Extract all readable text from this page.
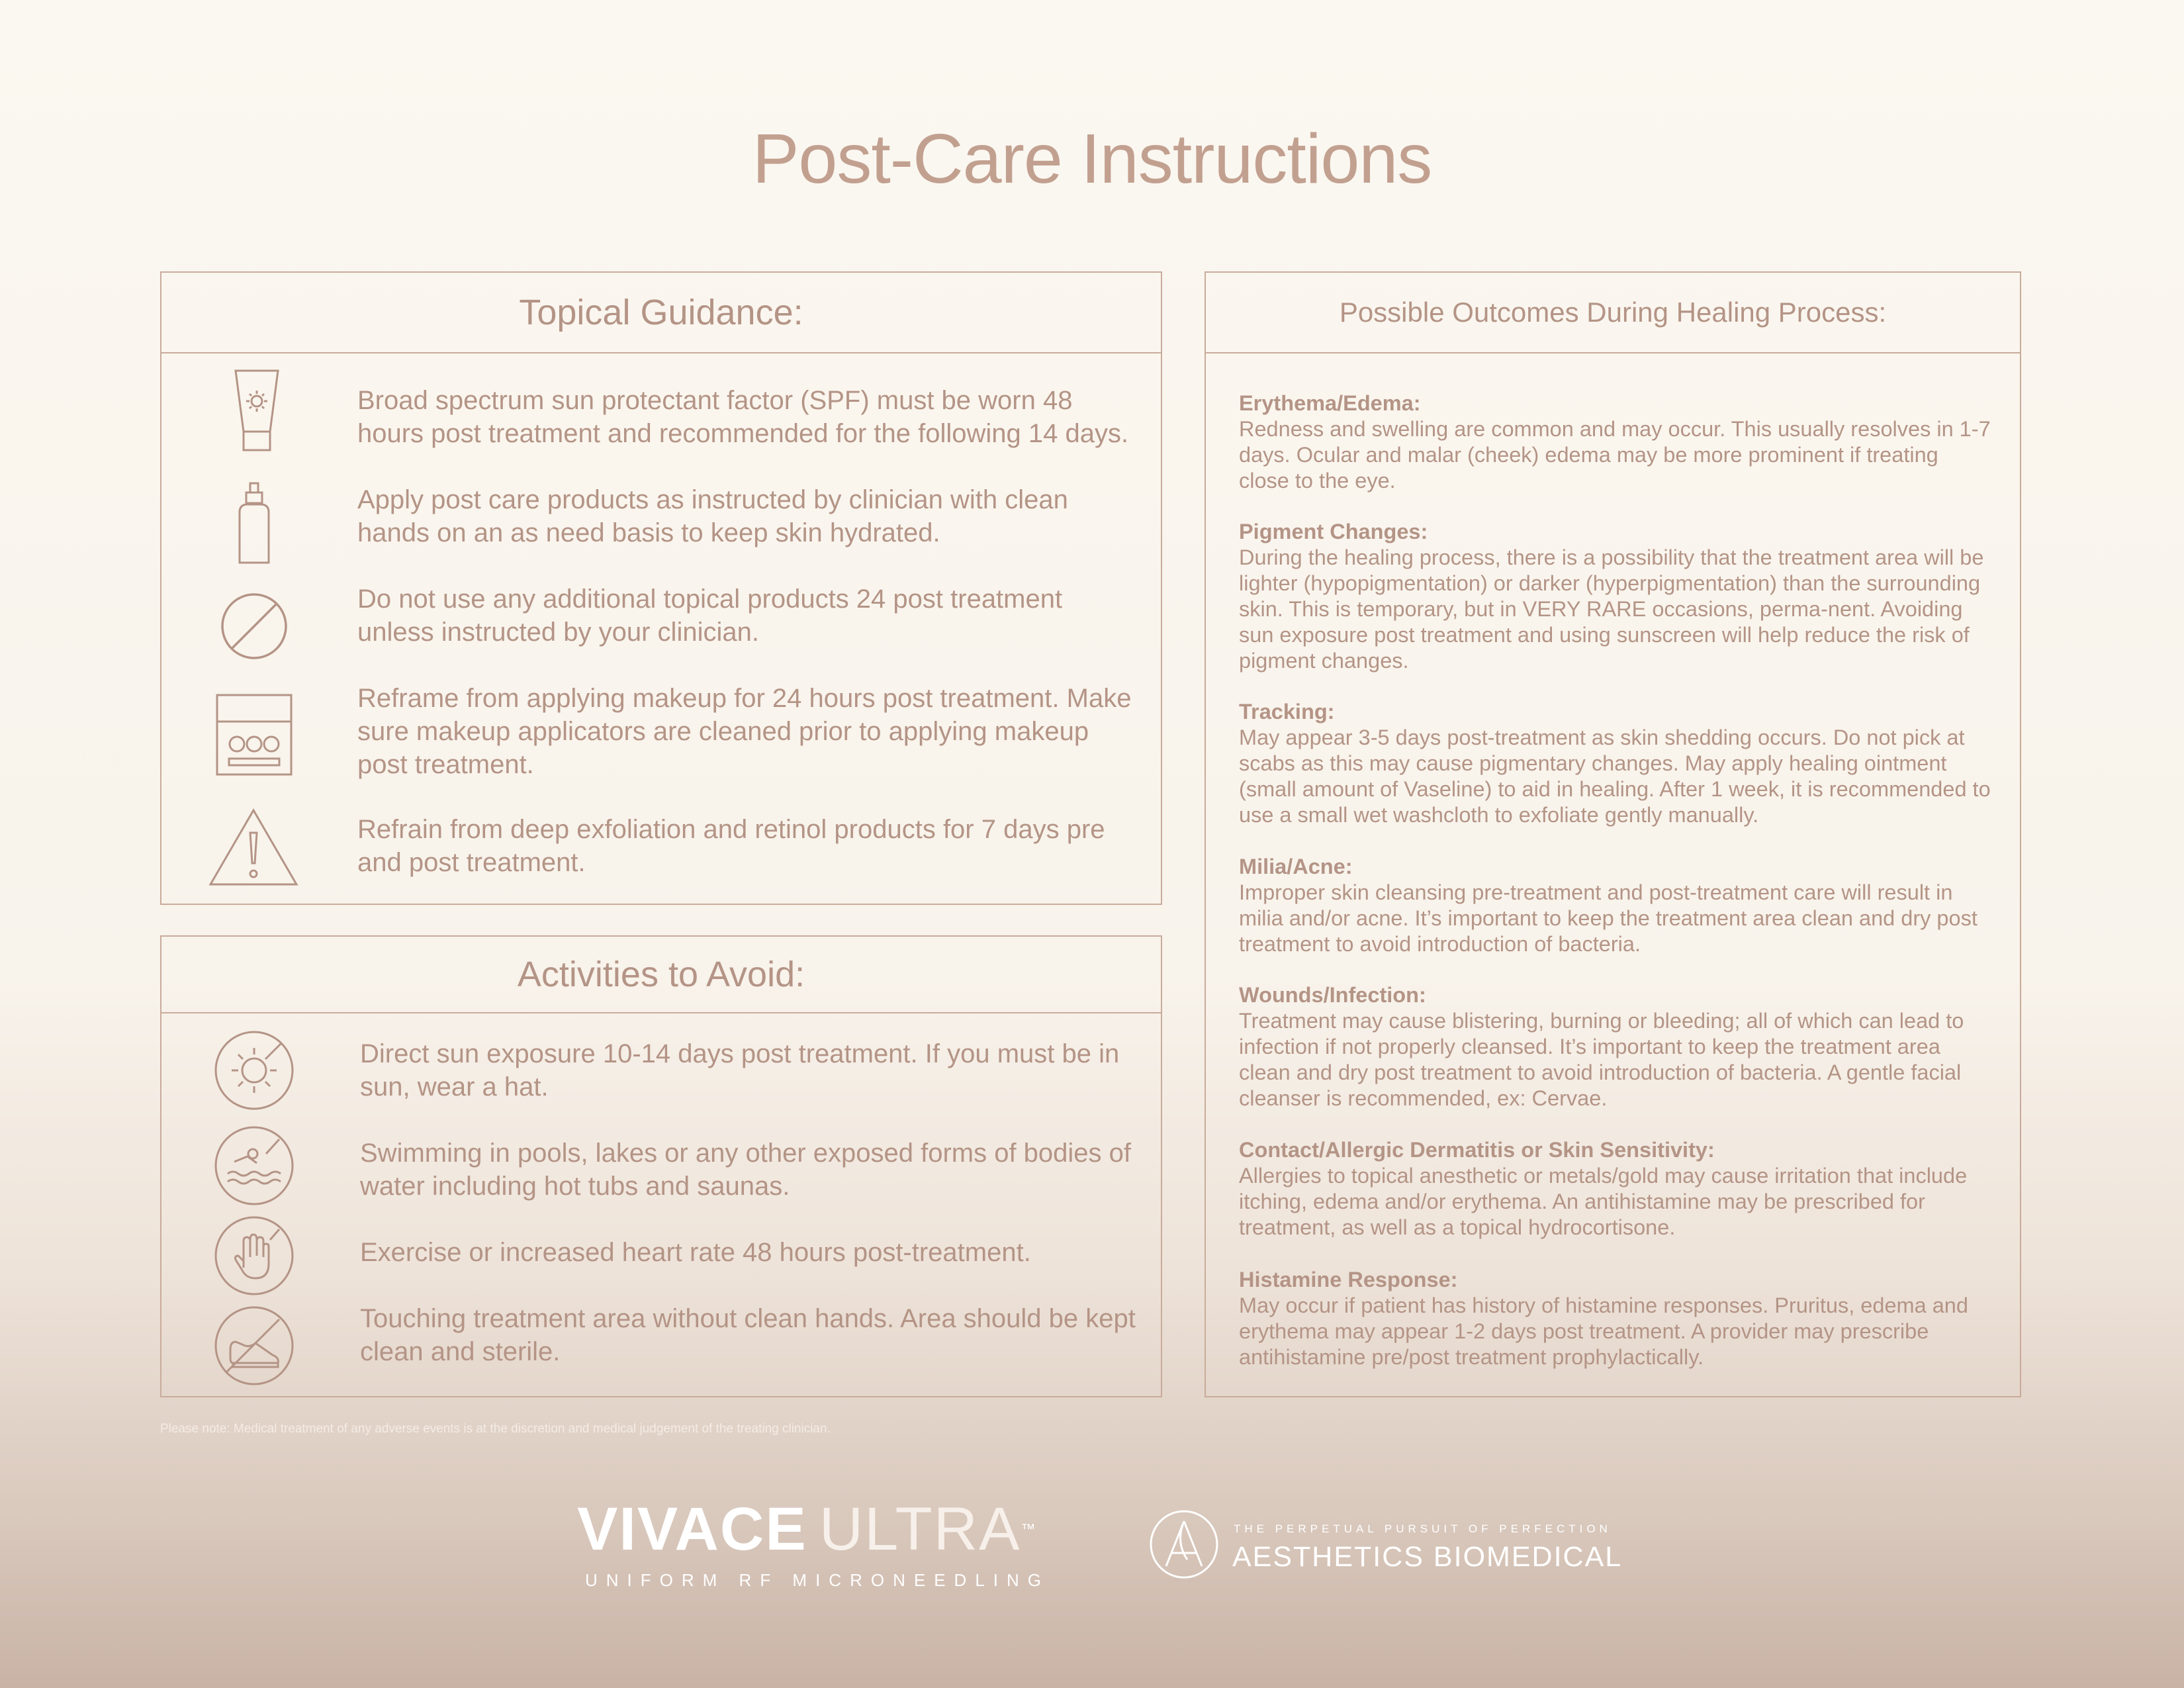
Post-Care Instructions
Topical Guidance:
Broad spectrum sun protectant factor (SPF) must be worn 48 hours post treatment and recommended for the following 14 days.
Apply post care products as instructed by clinician with clean hands on an as need basis to keep skin hydrated.
Do not use any additional topical products 24 post treatment unless instructed by your clinician.
Reframe from applying makeup for 24 hours post treatment. Make sure makeup applicators are cleaned prior to applying makeup post treatment.
Refrain from deep exfoliation and retinol products for 7 days pre and post treatment.
Activities to Avoid:
Direct sun exposure 10-14 days post treatment. If you must be in sun, wear a hat.
Swimming in pools, lakes or any other exposed forms of bodies of water including hot tubs and saunas.
Exercise or increased heart rate 48 hours post-treatment.
Touching treatment area without clean hands. Area should be kept clean and sterile.
Possible Outcomes During Healing Process:
Erythema/Edema:
Redness and swelling are common and may occur. This usually resolves in 1-7 days. Ocular and malar (cheek) edema may be more prominent if treating close to the eye.
Pigment Changes:
During the healing process, there is a possibility that the treatment area will be lighter (hypopigmentation) or darker (hyperpigmentation) than the surrounding skin. This is temporary, but in VERY RARE occasions, perma-nent. Avoiding sun exposure post treatment and using sunscreen will help reduce the risk of pigment changes.
Tracking:
May appear 3-5 days post-treatment as skin shedding occurs. Do not pick at scabs as this may cause pigmentary changes. May apply healing ointment (small amount of Vaseline) to aid in healing. After 1 week, it is recommended to use a small wet washcloth to exfoliate gently manually.
Milia/Acne:
Improper skin cleansing pre-treatment and post-treatment care will result in milia and/or acne. It’s important to keep the treatment area clean and dry post treatment to avoid introduction of bacteria.
Wounds/Infection:
Treatment may cause blistering, burning or bleeding; all of which can lead to infection if not properly cleansed. It’s important to keep the treatment area clean and dry post treatment to avoid introduction of bacteria. A gentle facial cleanser is recommended, ex: Cervae.
Contact/Allergic Dermatitis or Skin Sensitivity:
Allergies to topical anesthetic or metals/gold may cause irritation that include itching, edema and/or erythema. An antihistamine may be prescribed for treatment, as well as a topical hydrocortisone.
Histamine Response:
May occur if patient has history of histamine responses. Pruritus, edema and erythema may appear 1-2 days post treatment. A provider may prescribe antihistamine pre/post treatment prophylactically.
Please note: Medical treatment of any adverse events is at the discretion and medical judgement of the treating clinician.
VIVACE ULTRA™
UNIFORM RF MICRONEEDLING
THE PERPETUAL PURSUIT OF PERFECTION
AESTHETICS BIOMEDICAL
